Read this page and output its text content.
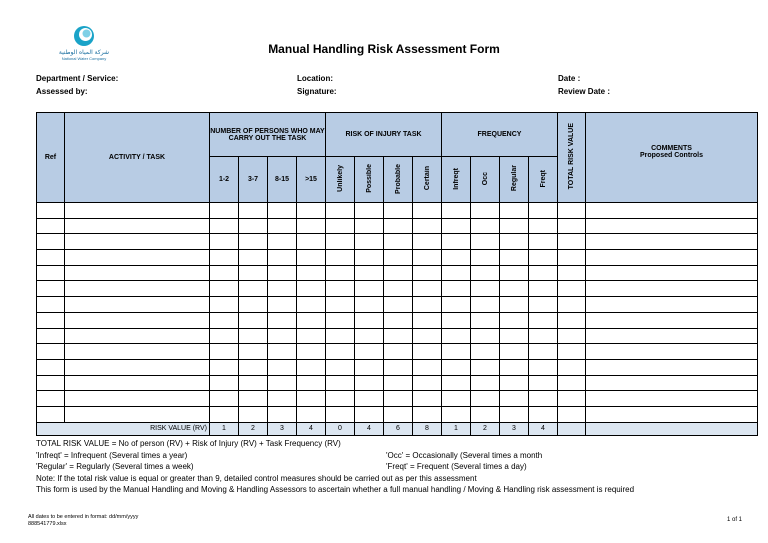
شركة المياه الوطنية
National Water Company
Manual Handling Risk Assessment Form
Department / Service:
Assessed by:
Location:
Signature:
Date :
Review Date :
Ref	ACTIVITY / TASK	NUMBER OF PERSONS WHO MAY CARRY OUT THE TASK				RISK OF INJURY TASK				FREQUENCY				TOTAL RISK VALUE	COMMENTS
Proposed Controls

		1-2	3-7	8-15	>15	Unlikely	Possible	Probable	Certain	Infreqt	Occ	Regular	Freqt		

RISK VALUE (RV)		1	2	3	4	0	4	6	8	1	2	3	4		
TOTAL RISK VALUE = No of person (RV) + Risk of Injury (RV) + Task Frequency (RV)
'Infreqt' = Infrequent (Several times a year)	'Occ' = Occasionally (Several times a month
'Regular' = Regularly (Several times a week)	'Freqt' = Frequent (Several times a day)
Note: If the total risk value is equal or greater than 9, detailed control measures should be carried out as per this assessment
This form is used by the Manual Handling and Moving & Handling Assessors to ascertain whether a full manual handling / Moving & Handling risk assessment is required
All dates to be entered in format: dd/mm/yyyy
888541779.xlsx
1 of 1
